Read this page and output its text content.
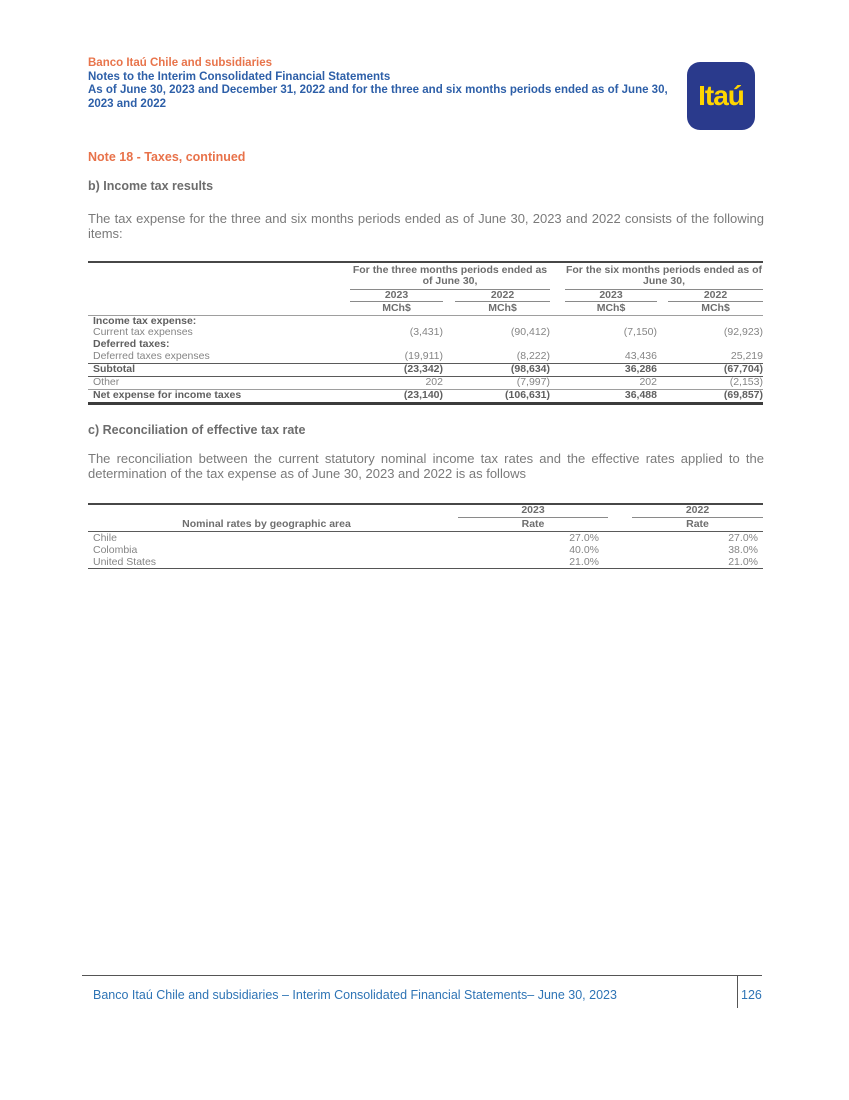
Banco Itaú Chile and subsidiaries
Notes to the Interim Consolidated Financial Statements
As of June 30, 2023 and December 31, 2022 and for the three and six months periods ended as of June 30, 2023 and 2022	Itaú
Note 18 - Taxes, continued
b) Income tax results
The tax expense for the three and six months periods ended as of June 30, 2023 and 2022 consists of the following items:
For the three months periods ended as of June 30,
For the six months periods ended as of June 30,
2023	2022	2023	2022
MCh$	MCh$	MCh$	MCh$
Income tax expense:
Current tax expenses	(3,431)	(90,412)	(7,150)	(92,923)
Deferred taxes:
Deferred taxes expenses	(19,911)	(8,222)	43,436	25,219
Subtotal	(23,342)	(98,634)	36,286	(67,704)
Other	202	(7,997)	202	(2,153)
Net expense for income taxes	(23,140)	(106,631)	36,488	(69,857)
c) Reconciliation of effective tax rate
The reconciliation between the current statutory nominal income tax rates and the effective rates applied to the determination of the tax expense as of June 30, 2023 and 2022 is as follows
2023	2022
Nominal rates by geographic area	Rate	Rate
Chile	27.0%	27.0%
Colombia	40.0%	38.0%
United States	21.0%	21.0%
Banco Itaú Chile and subsidiaries – Interim Consolidated Financial Statements– June 30, 2023	126
